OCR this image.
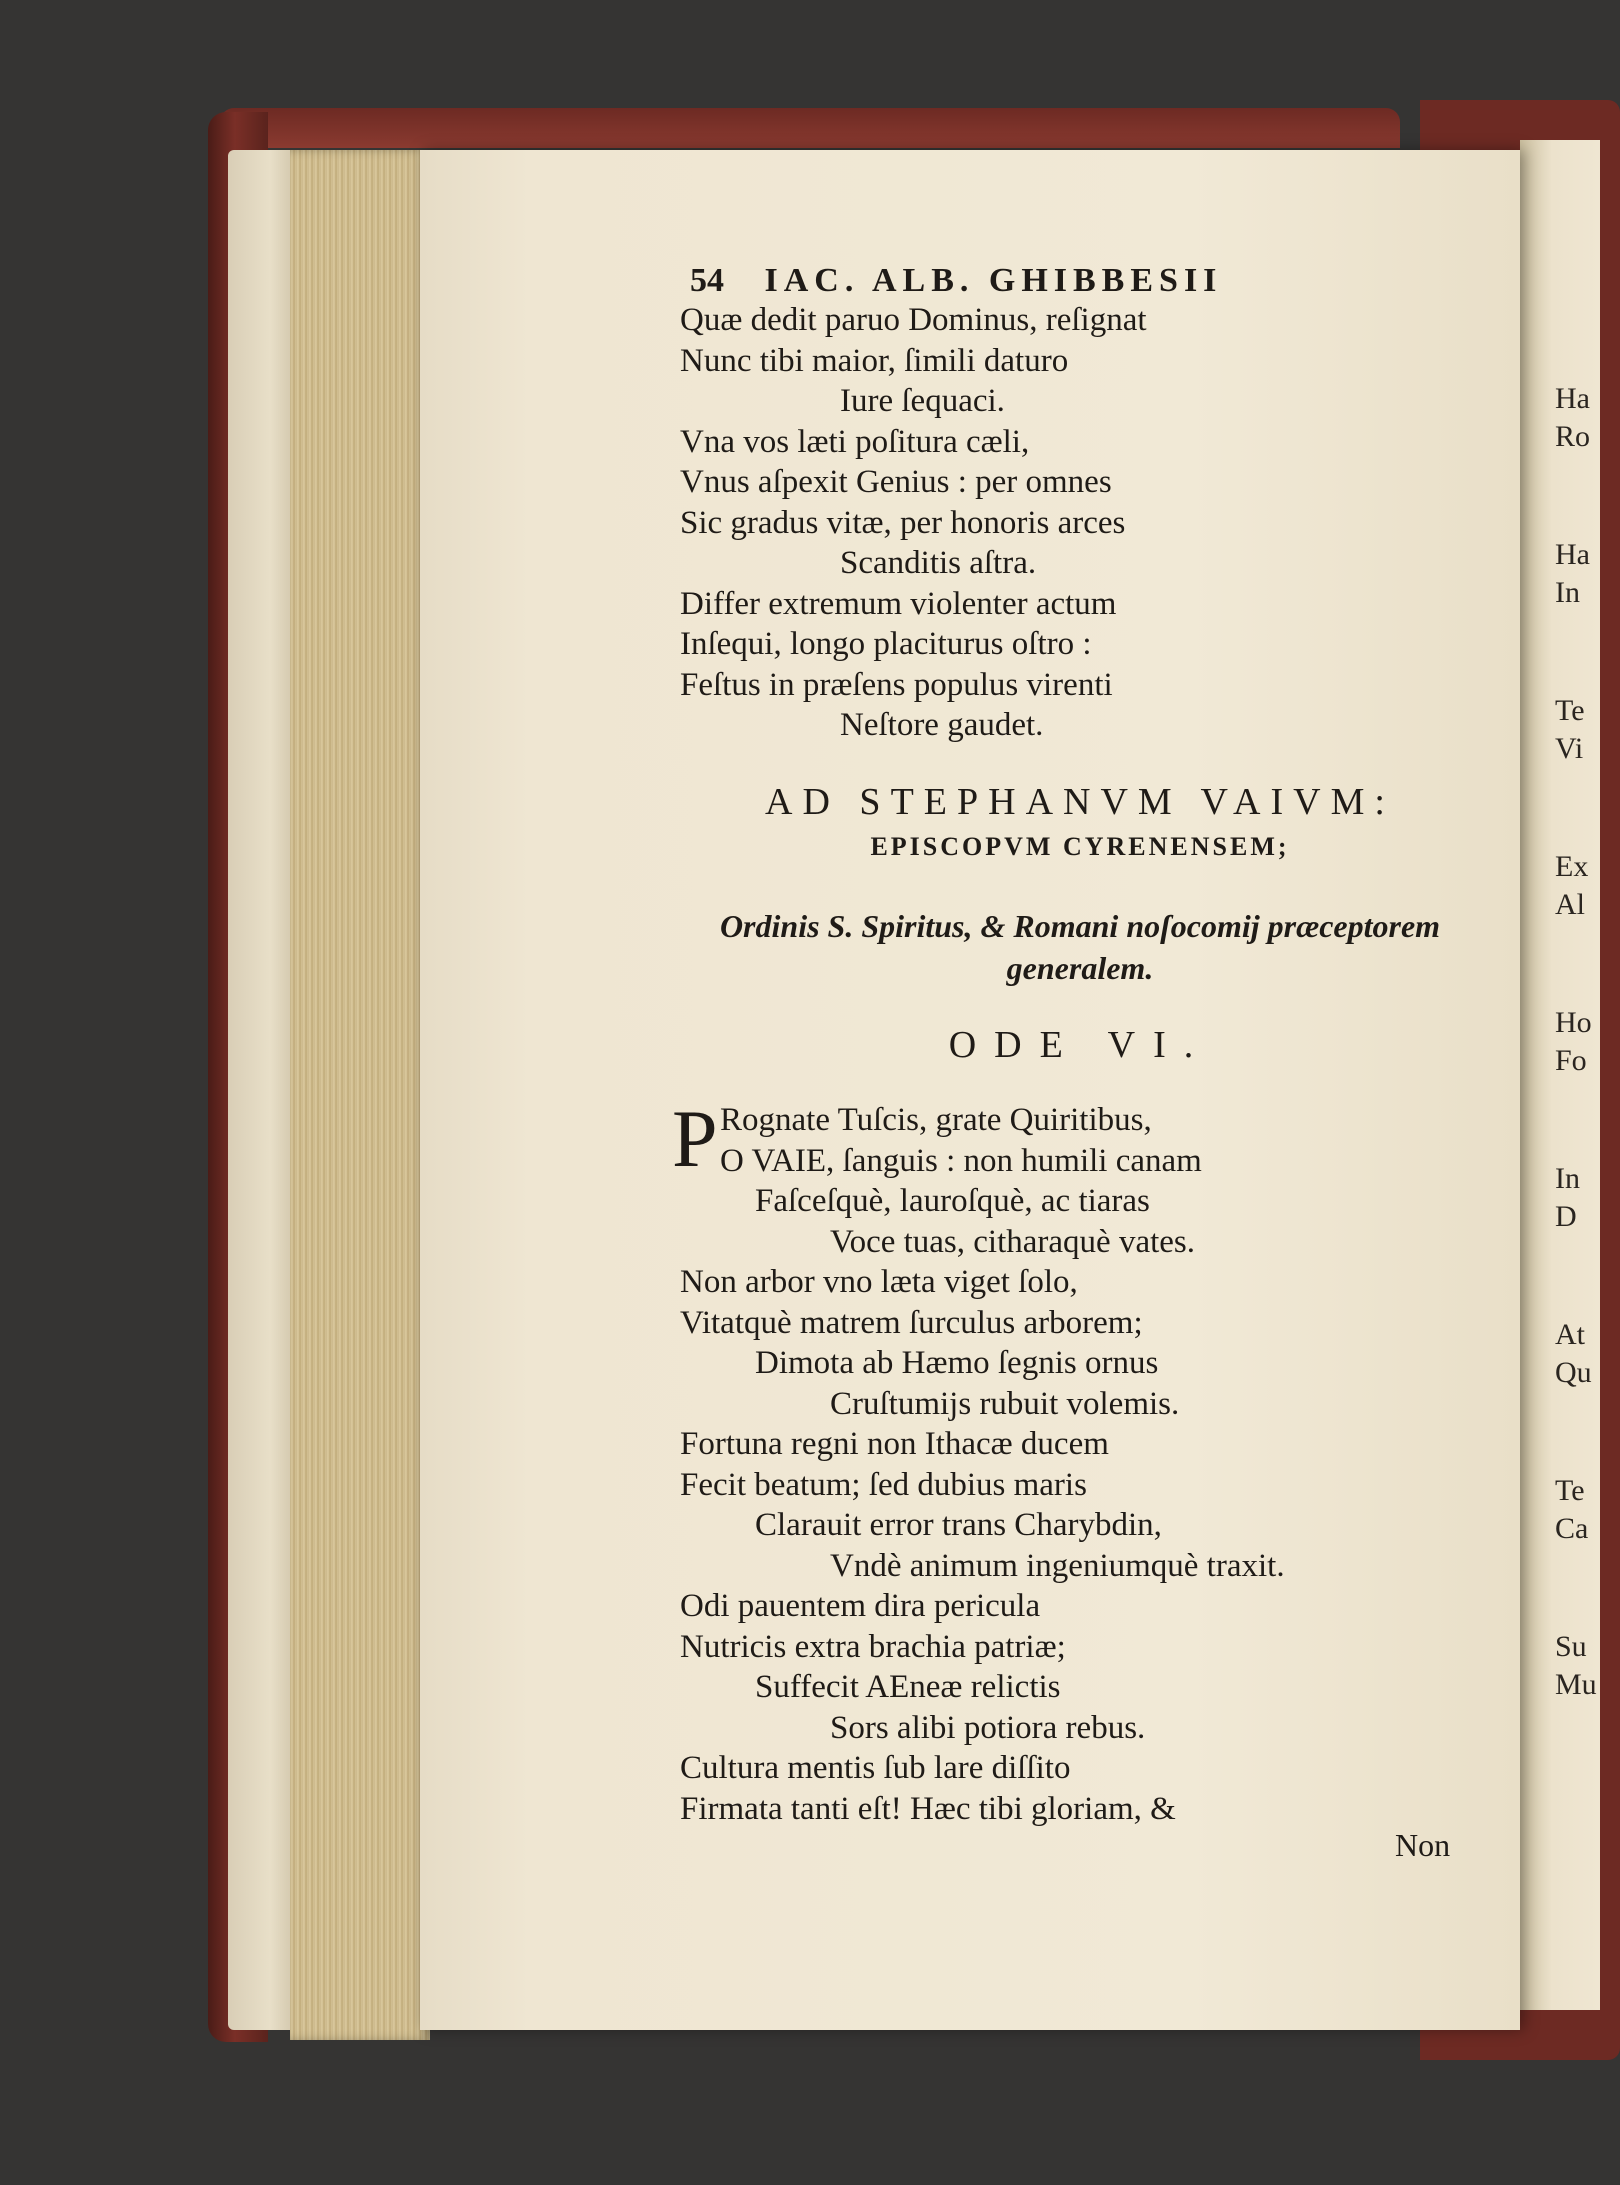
Ha
Ro
Ha
In
Te
Vi
Ex
Al
Ho
Fo
In
D
At
Qu
Te
Ca
Su
Mu
54 IAC. ALB. GHIBBESII
Quæ dedit paruo Dominus, reſignat
Nunc tibi maior, ſimili daturo
Iure ſequaci.
Vna vos læti poſitura cæli,
Vnus aſpexit Genius : per omnes
Sic gradus vitæ, per honoris arces
Scanditis aſtra.
Differ extremum violenter actum
Inſequi, longo placiturus oſtro :
Feſtus in præſens populus virenti
Neſtore gaudet.
AD STEPHANVM VAIVM:
EPISCOPVM CYRENENSEM;
Ordinis S. Spiritus, & Romani noſocomij præceptorem
generalem.
ODE VI.
P Rognate Tuſcis, grate Quiritibus,
O VAIE, ſanguis : non humili canam
Faſceſquè, lauroſquè, ac tiaras
Voce tuas, citharaquè vates.
Non arbor vno læta viget ſolo,
Vitatquè matrem ſurculus arborem;
Dimota ab Hæmo ſegnis ornus
Cruſtumijs rubuit volemis.
Fortuna regni non Ithacæ ducem
Fecit beatum; ſed dubius maris
Clarauit error trans Charybdin,
Vndè animum ingeniumquè traxit.
Odi pauentem dira pericula
Nutricis extra brachia patriæ;
Suffecit AEneæ relictis
Sors alibi potiora rebus.
Cultura mentis ſub lare diſſito
Firmata tanti eſt! Hæc tibi gloriam, &
Non
